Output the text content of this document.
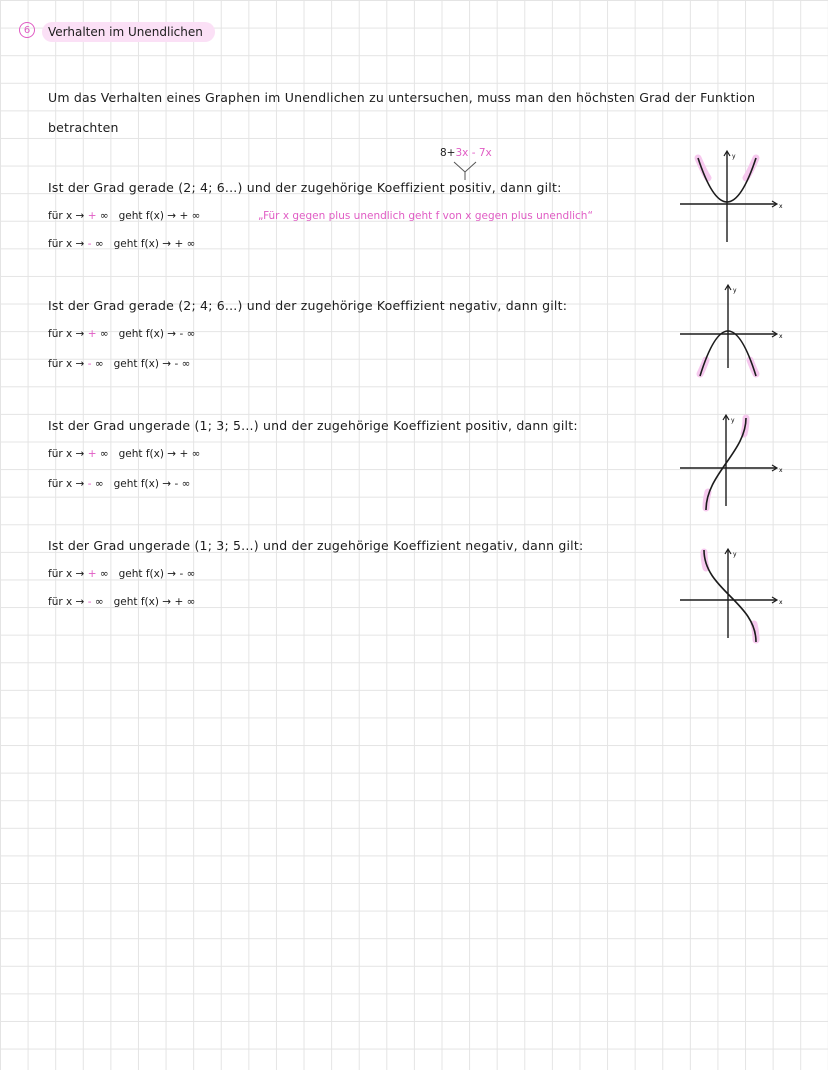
6	Verhalten im Unendlichen
Um das Verhalten eines Graphen im Unendlichen zu untersuchen, muss man den höchsten Grad der Funktion
betrachten
8+3x - 7x
Ist der Grad gerade (2; 4; 6...) und der zugehörige Koeffizient positiv, dann gilt:
für x → + ∞   geht f(x) → + ∞	„Für x gegen plus unendlich geht f von x gegen plus unendlich“
für x → - ∞   geht f(x) → + ∞
Ist der Grad gerade (2; 4; 6...) und der zugehörige Koeffizient negativ, dann gilt:
für x → + ∞   geht f(x) → - ∞
für x → - ∞   geht f(x) → - ∞
Ist der Grad ungerade (1; 3; 5...) und der zugehörige Koeffizient positiv, dann gilt:
für x → + ∞   geht f(x) → + ∞
für x → - ∞   geht f(x) → - ∞
Ist der Grad ungerade (1; 3; 5...) und der zugehörige Koeffizient negativ, dann gilt:
für x → + ∞   geht f(x) → - ∞
für x → - ∞   geht f(x) → + ∞
y
x
y
x
y
x
y
x
